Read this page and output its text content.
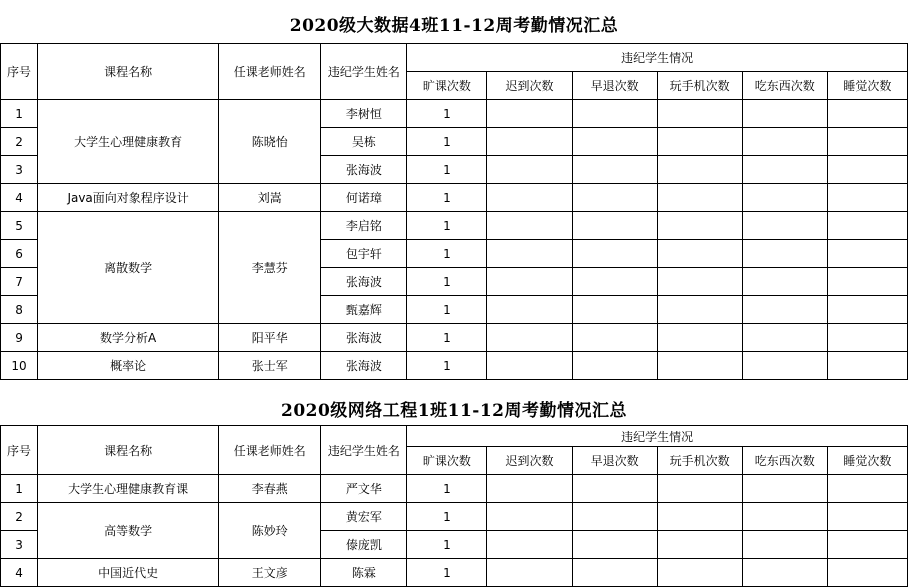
2020级大数据4班11-12周考勤情况汇总
序号	课程名称	任课老师姓名	违纪学生姓名	违纪学生情况					
				旷课次数	迟到次数	早退次数	玩手机次数	吃东西次数	睡觉次数
1	大学生心理健康教育	陈晓怡	李树恒	1					
2			吴栋	1					
3			张海波	1					
4	Java面向对象程序设计	刘嵩	何诺璋	1					
5	离散数学	李慧芬	李启铭	1					
6			包宇轩	1					
7			张海波	1					
8			甄嘉辉	1					
9	数学分析A	阳平华	张海波	1					
10	概率论	张士军	张海波	1					
2020级网络工程1班11-12周考勤情况汇总
序号	课程名称	任课老师姓名	违纪学生姓名	违纪学生情况					
				旷课次数	迟到次数	早退次数	玩手机次数	吃东西次数	睡觉次数
1	大学生心理健康教育课	李春燕	严文华	1					
2	高等数学	陈妙玲	黄宏军	1					
3			傣庞凯	1					
4	中国近代史	王文彦	陈霖	1					
